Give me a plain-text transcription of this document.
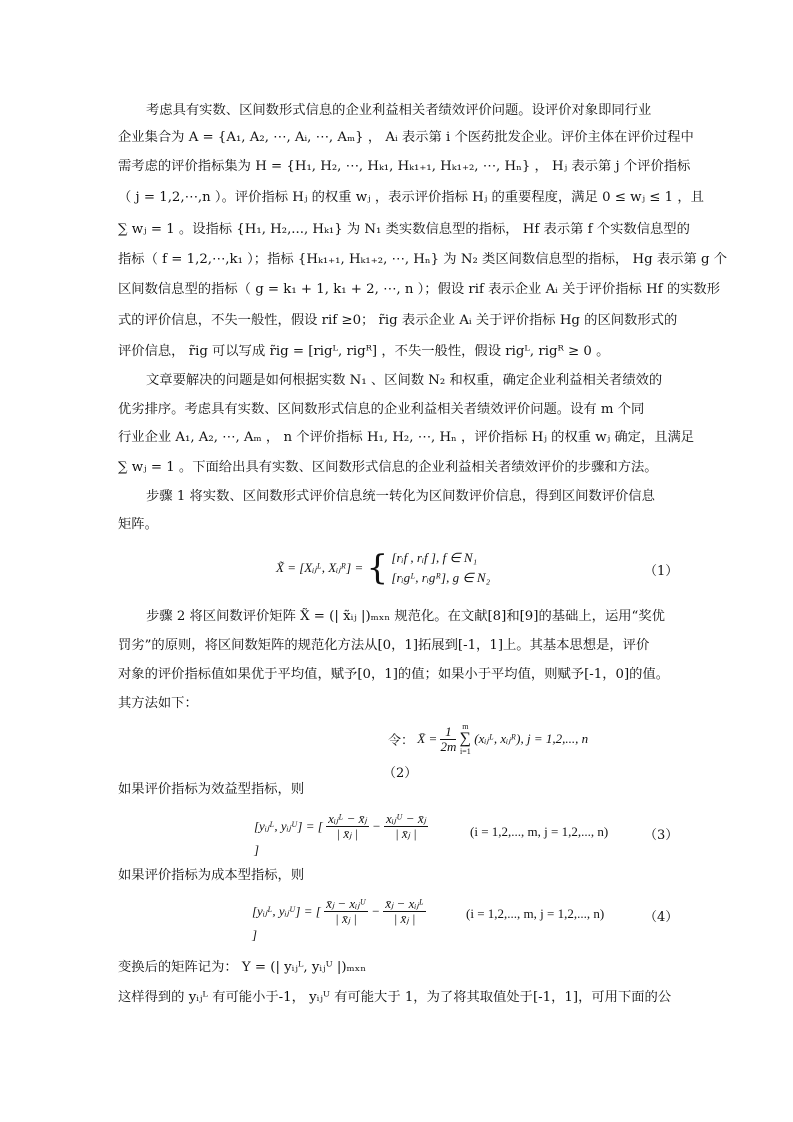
考虑具有实数、区间数形式信息的企业利益相关者绩效评价问题。设评价对象即同行业

企业集合为 A = {A₁, A₂, ⋯, Aᵢ, ⋯, Aₘ} ， Aᵢ 表示第 i 个医药批发企业。评价主体在评价过程中

需考虑的评价指标集为 H = {H₁, H₂, ⋯, Hₖ₁, Hₖ₁₊₁, Hₖ₁₊₂, ⋯, Hₙ} ， Hⱼ 表示第 j 个评价指标

（ j = 1,2,⋯,n ）。评价指标 Hⱼ 的权重 wⱼ ，表示评价指标 Hⱼ 的重要程度，满足 0 ≤ wⱼ ≤ 1 ，且

∑ wⱼ = 1 。设指标 {H₁, H₂,..., Hₖ₁} 为 N₁ 类实数信息型的指标， Hf 表示第 f 个实数信息型的

指标（ f = 1,2,⋯,k₁ ）；指标 {Hₖ₁₊₁, Hₖ₁₊₂, ⋯, Hₙ} 为 N₂ 类区间数信息型的指标， Hg 表示第 g 个

区间数信息型的指标（ g = k₁ + 1, k₁ + 2, ⋯, n ）；假设 rif 表示企业 Aᵢ 关于评价指标 Hf 的实数形

式的评价信息，不失一般性，假设 rif ≥0； r̃ig 表示企业 Aᵢ 关于评价指标 Hg 的区间数形式的

评价信息， r̃ig 可以写成 r̃ig = [rigᴸ, rigᴿ] ，不失一般性，假设 rigᴸ, rigᴿ ≥ 0 。

文章要解决的问题是如何根据实数 N₁ 、区间数 N₂ 和权重，确定企业利益相关者绩效的

优劣排序。考虑具有实数、区间数形式信息的企业利益相关者绩效评价问题。设有 m 个同

行业企业 A₁, A₂, ⋯, Aₘ ， n 个评价指标 H₁, H₂, ⋯, Hₙ ，评价指标 Hⱼ 的权重 wⱼ 确定，且满足

∑ wⱼ = 1 。下面给出具有实数、区间数形式信息的企业利益相关者绩效评价的步骤和方法。

步骤 1 将实数、区间数形式评价信息统一转化为区间数评价信息，得到区间数评价信息

矩阵。

X̃ = [Xᵢⱼᴸ, Xᵢⱼᴿ] = { [rᵢf , rᵢf ], f ∈ N₁
[rᵢgᴸ, rᵢgᴿ], g ∈ N₂	（1）

步骤 2 将区间数评价矩阵 X̃ = (| x̃ᵢⱼ |)ₘₓₙ 规范化。在文献[8]和[9]的基础上，运用“奖优

罚劣”的原则，将区间数矩阵的规范化方法从[0，1]拓展到[-1，1]上。其基本思想是，评价

对象的评价指标值如果优于平均值，赋予[0，1]的值；如果小于平均值，则赋予[-1，0]的值。

其方法如下：

令： X̄ = $\frac{1}{2m}$
m
∑
i=1
(xᵢⱼᴸ, xᵢⱼᴿ), j = 1,2,..., n
（2）

如果评价指标为效益型指标，则

[yᵢⱼᴸ, yᵢⱼᵁ] = [ $\frac{\text{xᵢⱼᴸ − x̄ⱼ}}{\text{| x̄ⱼ |}} - \frac{\text{xᵢⱼᵁ − x̄ⱼ}}{\text{| x̄ⱼ |}}$
]
(i = 1,2,..., m, j = 1,2,..., n)	（3）

如果评价指标为成本型指标，则

[yᵢⱼᴸ, yᵢⱼᵁ] = [ $\frac{\text{x̄ⱼ − xᵢⱼᵁ}}{\text{| x̄ⱼ |}} - \frac{\text{x̄ⱼ − xᵢⱼᴸ}}{\text{| x̄ⱼ |}}$
]
(i = 1,2,..., m, j = 1,2,..., n)	（4）

变换后的矩阵记为： Y = (| yᵢⱼᴸ, yᵢⱼᵁ |)ₘₓₙ

这样得到的 yᵢⱼᴸ 有可能小于-1， yᵢⱼᵁ 有可能大于 1，为了将其取值处于[-1，1]，可用下面的公
